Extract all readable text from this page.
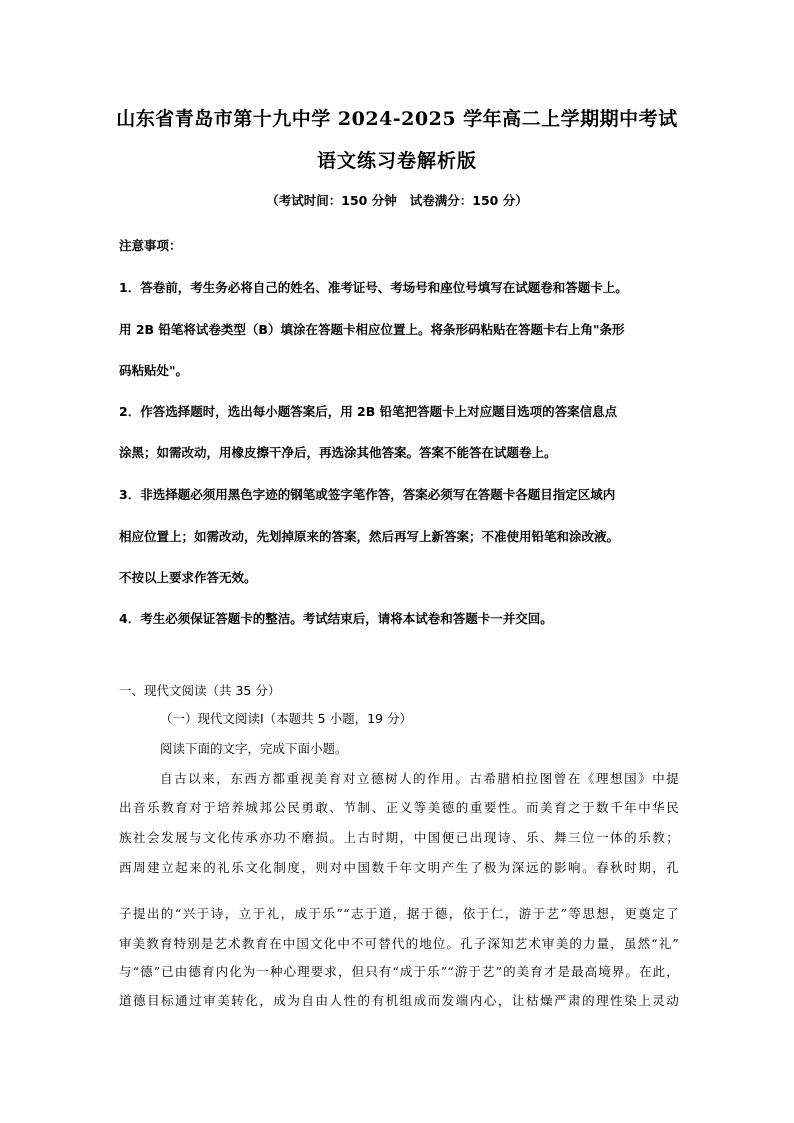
山东省青岛市第十九中学 2024-2025 学年高二上学期期中考试
语文练习卷解析版
（考试时间：150 分钟   试卷满分：150 分）
注意事项：
1．答卷前，考生务必将自己的姓名、准考证号、考场号和座位号填写在试题卷和答题卡上。
用 2B 铅笔将试卷类型（B）填涂在答题卡相应位置上。将条形码粘贴在答题卡右上角"条形
码粘贴处"。
2．作答选择题时，选出每小题答案后，用 2B 铅笔把答题卡上对应题目选项的答案信息点
涂黑；如需改动，用橡皮擦干净后，再选涂其他答案。答案不能答在试题卷上。
3．非选择题必须用黑色字迹的钢笔或签字笔作答，答案必须写在答题卡各题目指定区域内
相应位置上；如需改动，先划掉原来的答案，然后再写上新答案；不准使用铅笔和涂改液。
不按以上要求作答无效。
4．考生必须保证答题卡的整洁。考试结束后，请将本试卷和答题卡一并交回。
一、现代文阅读（共 35 分）
（一）现代文阅读Ⅰ（本题共 5 小题，19 分）
阅读下面的文字，完成下面小题。
自古以来，东西方都重视美育对立德树人的作用。古希腊柏拉图曾在《理想国》中提
出音乐教育对于培养城邦公民勇敢、节制、正义等美德的重要性。而美育之于数千年中华民
族社会发展与文化传承亦功不磨损。上古时期，中国便已出现诗、乐、舞三位一体的乐教；
西周建立起来的礼乐文化制度，则对中国数千年文明产生了极为深远的影响。春秋时期，孔
子提出的“兴于诗，立于礼，成于乐”“志于道，据于德，依于仁，游于艺”等思想，更奠定了
审美教育特别是艺术教育在中国文化中不可替代的地位。孔子深知艺术审美的力量，虽然“礼”
与“德”已由德育内化为一种心理要求，但只有“成于乐”“游于艺”的美育才是最高境界。在此，
道德目标通过审美转化，成为自由人性的有机组成而发端内心，让枯燥严肃的理性染上灵动
